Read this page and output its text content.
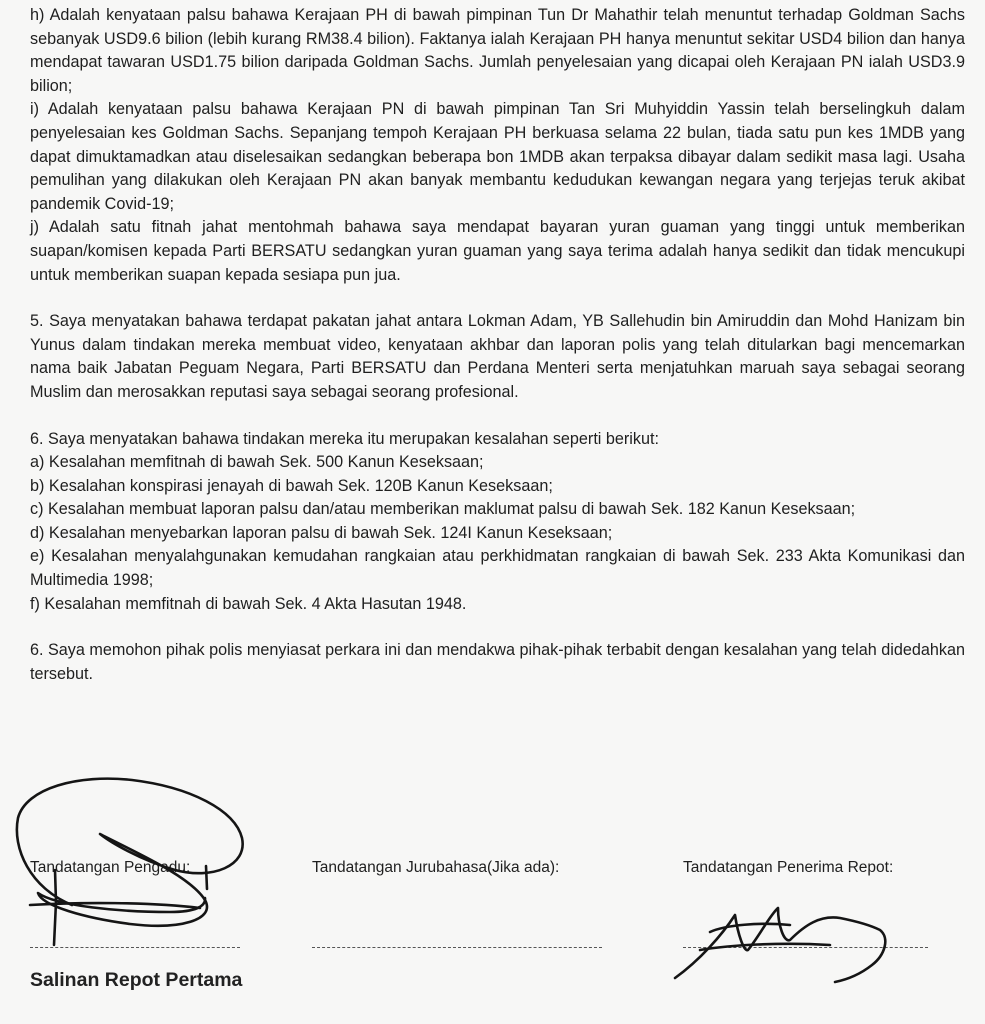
h) Adalah kenyataan palsu bahawa Kerajaan PH di bawah pimpinan Tun Dr Mahathir telah menuntut terhadap Goldman Sachs sebanyak USD9.6 bilion (lebih kurang RM38.4 bilion). Faktanya ialah Kerajaan PH hanya menuntut sekitar USD4 bilion dan hanya mendapat tawaran USD1.75 bilion daripada Goldman Sachs. Jumlah penyelesaian yang dicapai oleh Kerajaan PN ialah USD3.9 bilion;

i) Adalah kenyataan palsu bahawa Kerajaan PN di bawah pimpinan Tan Sri Muhyiddin Yassin telah berselingkuh dalam penyelesaian kes Goldman Sachs. Sepanjang tempoh Kerajaan PH berkuasa selama 22 bulan, tiada satu pun kes 1MDB yang dapat dimuktamadkan atau diselesaikan sedangkan beberapa bon 1MDB akan terpaksa dibayar dalam sedikit masa lagi. Usaha pemulihan yang dilakukan oleh Kerajaan PN akan banyak membantu kedudukan kewangan negara yang terjejas teruk akibat pandemik Covid-19;

j) Adalah satu fitnah jahat mentohmah bahawa saya mendapat bayaran yuran guaman yang tinggi untuk memberikan suapan/komisen kepada Parti BERSATU sedangkan yuran guaman yang saya terima adalah hanya sedikit dan tidak mencukupi untuk memberikan suapan kepada sesiapa pun jua.

5. Saya menyatakan bahawa terdapat pakatan jahat antara Lokman Adam, YB Sallehudin bin Amiruddin dan Mohd Hanizam bin Yunus dalam tindakan mereka membuat video, kenyataan akhbar dan laporan polis yang telah ditularkan bagi mencemarkan nama baik Jabatan Peguam Negara, Parti BERSATU dan Perdana Menteri serta menjatuhkan maruah saya sebagai seorang Muslim dan merosakkan reputasi saya sebagai seorang profesional.

6. Saya menyatakan bahawa tindakan mereka itu merupakan kesalahan seperti berikut:

a) Kesalahan memfitnah di bawah Sek. 500 Kanun Keseksaan;

b) Kesalahan konspirasi jenayah di bawah Sek. 120B Kanun Keseksaan;

c) Kesalahan membuat laporan palsu dan/atau memberikan maklumat palsu di bawah Sek. 182 Kanun Keseksaan;

d) Kesalahan menyebarkan laporan palsu di bawah Sek. 124I Kanun Keseksaan;

e) Kesalahan menyalahgunakan kemudahan rangkaian atau perkhidmatan rangkaian di bawah Sek. 233 Akta Komunikasi dan Multimedia 1998;

f) Kesalahan memfitnah di bawah Sek. 4 Akta Hasutan 1948.

6. Saya memohon pihak polis menyiasat perkara ini dan mendakwa pihak-pihak terbabit dengan kesalahan yang telah didedahkan tersebut.

Tandatangan Pengadu:	Tandatangan Jurubahasa(Jika ada):	Tandatangan Penerima Repot:
Salinan Repot Pertama
